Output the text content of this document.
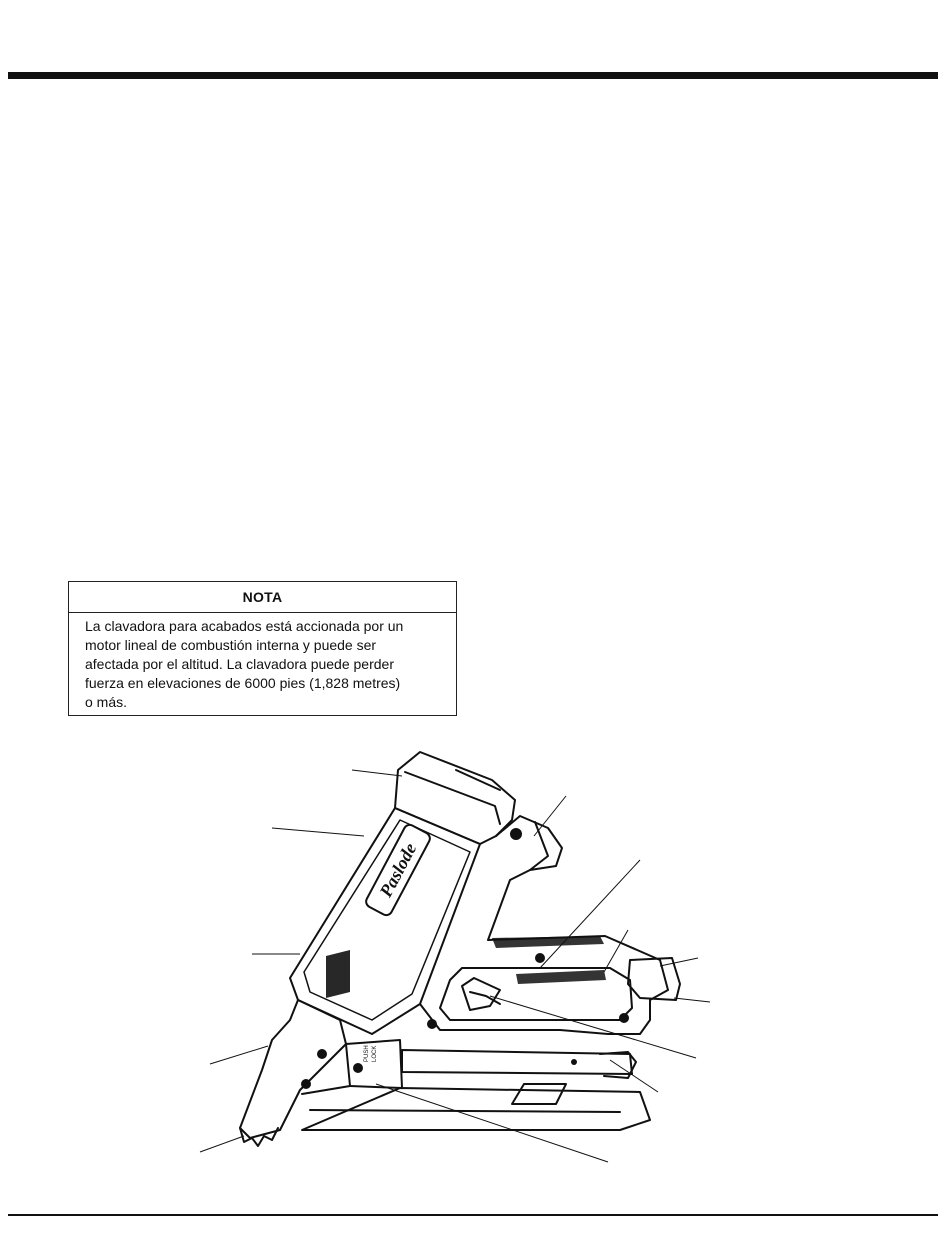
NOTA
La clavadora para acabados está accionada por un
motor lineal de combustión interna y puede ser
afectada por el altitud. La clavadora puede perder
fuerza en elevaciones de 6000 pies (1,828 metres)
o más.
Paslode
PUSH LOCK
